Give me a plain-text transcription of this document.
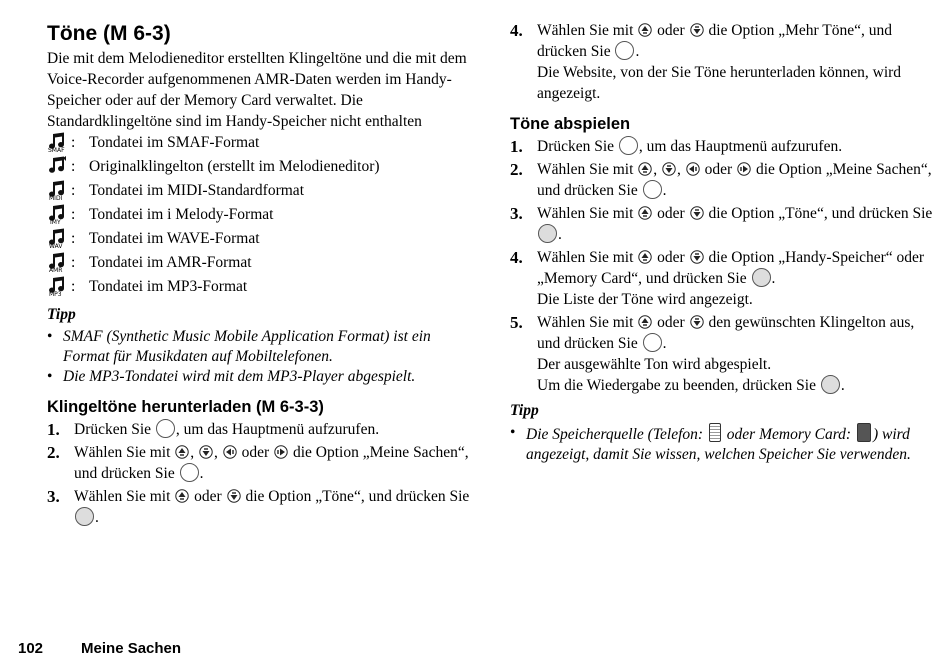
Töne (M 6-3)

Die mit dem Melodieneditor erstellten Klingeltöne und die mit dem Voice-Recorder aufgenommenen AMR-Daten werden im Handy-Speicher oder auf der Memory Card verwaltet. Die Standardklingeltöne sind im Handy-Speicher nicht enthalten

SMAF : Tondatei im SMAF-Format
: Originalklingelton (erstellt im Melodieneditor)
MIDI : Tondatei im MIDI-Standardformat
IMY : Tondatei im i Melody-Format
WAV : Tondatei im WAVE-Format
AMR : Tondatei im AMR-Format
MP3 : Tondatei im MP3-Format
Tipp
• SMAF (Synthetic Music Mobile Application Format) ist ein Format für Musikdaten auf Mobiltelefonen.
• Die MP3-Tondatei wird mit dem MP3-Player abgespielt.
Klingeltöne herunterladen (M 6-3-3)
1. Drücken Sie , um das Hauptmenü aufzurufen.
2. Wählen Sie mit , ,  oder die Option „Meine Sachen“, und drücken Sie .
3. Wählen Sie mit oder die Option „Töne“, und drücken Sie .
4. Wählen Sie mit oder die Option „Mehr Töne“, und drücken Sie .
Die Website, von der Sie Töne herunterladen können, wird angezeigt.
Töne abspielen
1. Drücken Sie , um das Hauptmenü aufzurufen.
2. Wählen Sie mit , ,  oder die Option „Meine Sachen“, und drücken Sie .
3. Wählen Sie mit oder die Option „Töne“, und drücken Sie .
4. Wählen Sie mit oder die Option „Handy-Speicher“ oder „Memory Card“, und drücken Sie .
Die Liste der Töne wird angezeigt.
5. Wählen Sie mit oder den gewünschten Klingelton aus, und drücken Sie .
Der ausgewählte Ton wird abgespielt.
Um die Wiedergabe zu beenden, drücken Sie .
Tipp
• Die Speicherquelle (Telefon: oder Memory Card: ) wird angezeigt, damit Sie wissen, welchen Speicher Sie verwenden.
102	Meine Sachen
